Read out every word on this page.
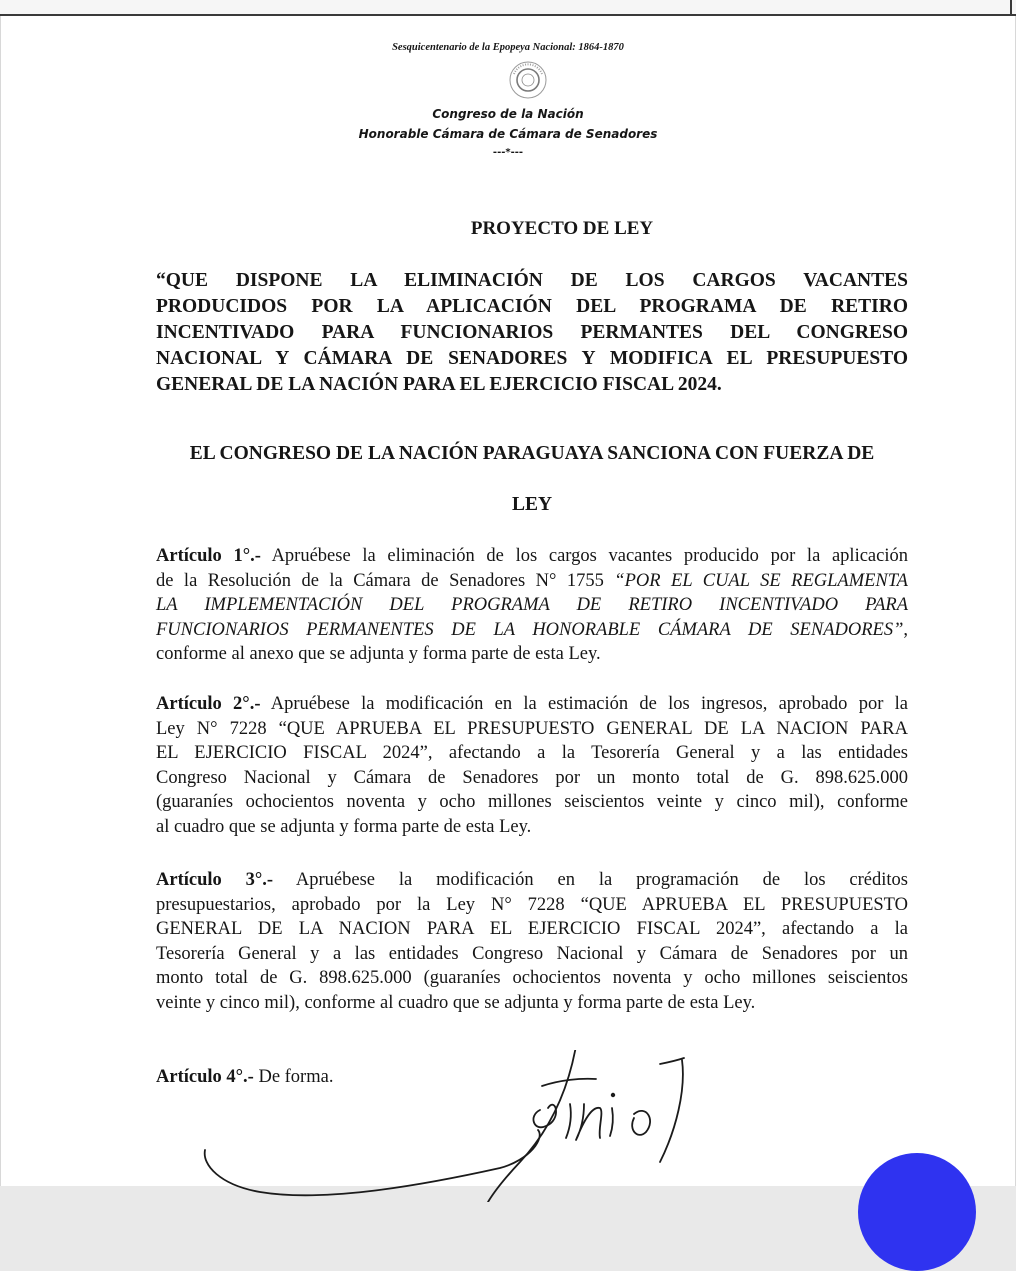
Sesquicentenario de la Epopeya Nacional: 1864-1870
Congreso de la Nación
Honorable Cámara de Cámara de Senadores
---*---
PROYECTO DE LEY
“QUE DISPONE LA ELIMINACIÓN DE LOS CARGOS VACANTES
PRODUCIDOS POR LA APLICACIÓN DEL PROGRAMA DE RETIRO
INCENTIVADO PARA FUNCIONARIOS PERMANTES DEL CONGRESO
NACIONAL Y CÁMARA DE SENADORES Y MODIFICA EL PRESUPUESTO
GENERAL DE LA NACIÓN PARA EL EJERCICIO FISCAL 2024.
EL CONGRESO DE LA NACIÓN PARAGUAYA SANCIONA CON FUERZA DE
LEY
Artículo 1°.- Apruébese la eliminación de los cargos vacantes producido por la aplicación
de la Resolución de la Cámara de Senadores N° 1755 “POR EL CUAL SE REGLAMENTA
LA IMPLEMENTACIÓN DEL PROGRAMA DE RETIRO INCENTIVADO PARA
FUNCIONARIOS PERMANENTES DE LA HONORABLE CÁMARA DE SENADORES”,
conforme al anexo que se adjunta y forma parte de esta Ley.
Artículo 2°.- Apruébese la modificación en la estimación de los ingresos, aprobado por la
Ley N° 7228 “QUE APRUEBA EL PRESUPUESTO GENERAL DE LA NACION PARA
EL EJERCICIO FISCAL 2024”, afectando a la Tesorería General y a las entidades
Congreso Nacional y Cámara de Senadores por un monto total de G. 898.625.000
(guaraníes ochocientos noventa y ocho millones seiscientos veinte y cinco mil), conforme
al cuadro que se adjunta y forma parte de esta Ley.
Artículo 3°.- Apruébese la modificación en la programación de los créditos
presupuestarios, aprobado por la Ley N° 7228 “QUE APRUEBA EL PRESUPUESTO
GENERAL DE LA NACION PARA EL EJERCICIO FISCAL 2024”, afectando a la
Tesorería General y a las entidades Congreso Nacional y Cámara de Senadores por un
monto total de G. 898.625.000 (guaraníes ochocientos noventa y ocho millones seiscientos
veinte y cinco mil), conforme al cuadro que se adjunta y forma parte de esta Ley.
Artículo 4°.- De forma.
